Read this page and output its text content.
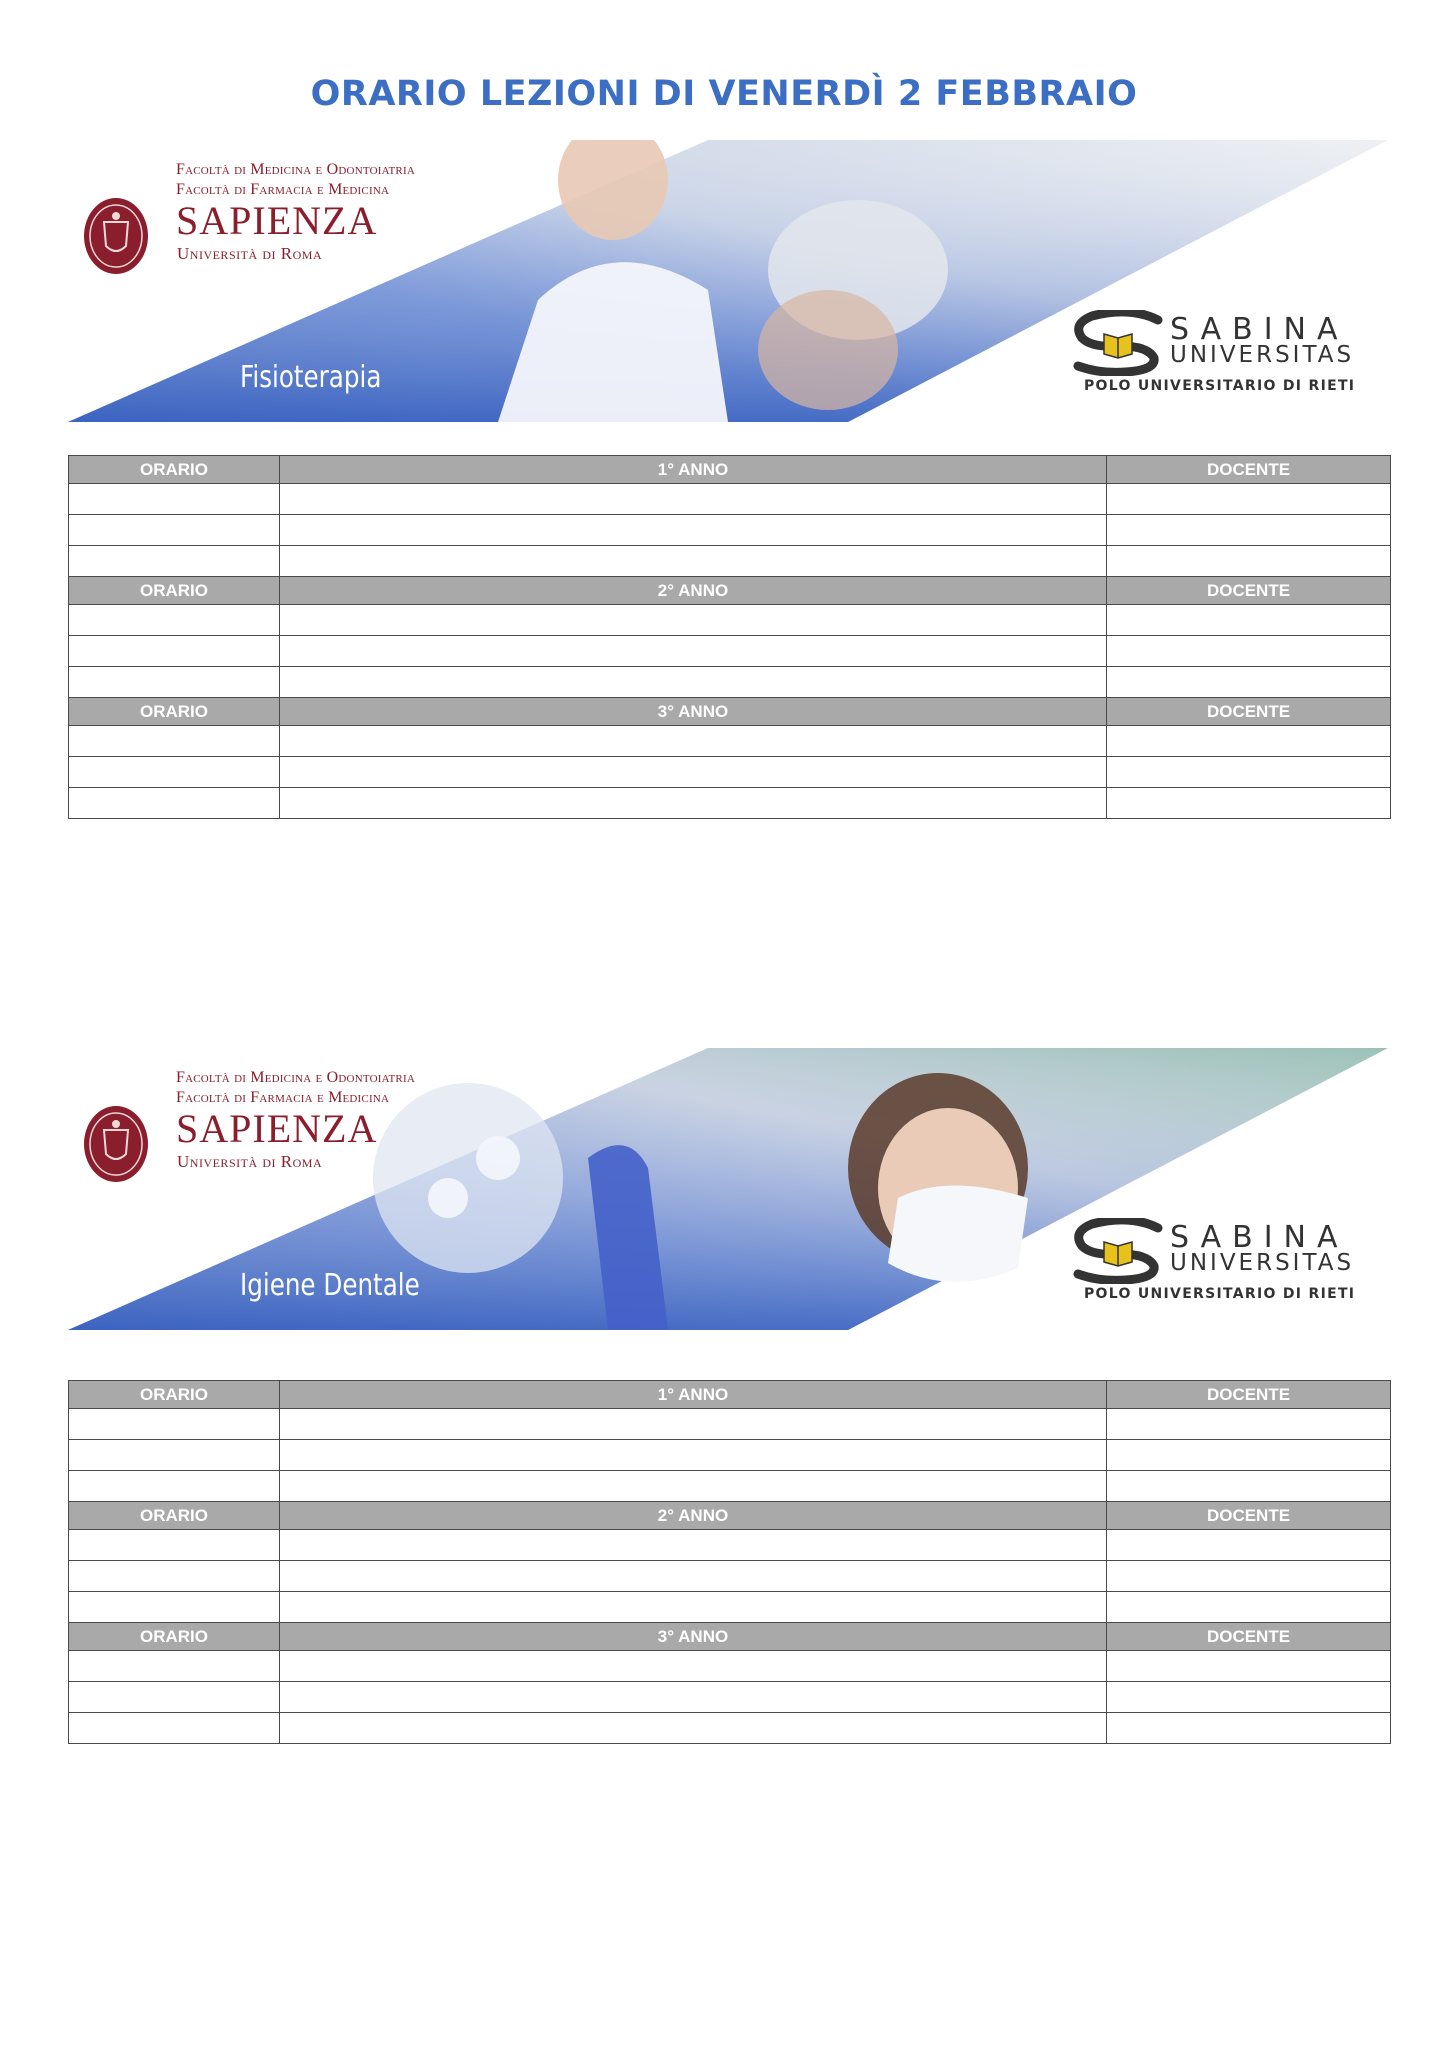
ORARIO LEZIONI DI VENERDÌ 2 FEBBRAIO
Facoltà di Medicina e Odontoiatria
Facoltà di Farmacia e Medicina
SAPIENZA
Università di Roma
Fisioterapia
SABINA
UNIVERSITAS
POLO UNIVERSITARIO DI RIETI
ORARIO	1° ANNO	DOCENTE

ORARIO	2° ANNO	DOCENTE

ORARIO	3° ANNO	DOCENTE

Facoltà di Medicina e Odontoiatria
Facoltà di Farmacia e Medicina
SAPIENZA
Università di Roma
Igiene Dentale
SABINA
UNIVERSITAS
POLO UNIVERSITARIO DI RIETI
ORARIO	1° ANNO	DOCENTE

ORARIO	2° ANNO	DOCENTE

ORARIO	3° ANNO	DOCENTE
